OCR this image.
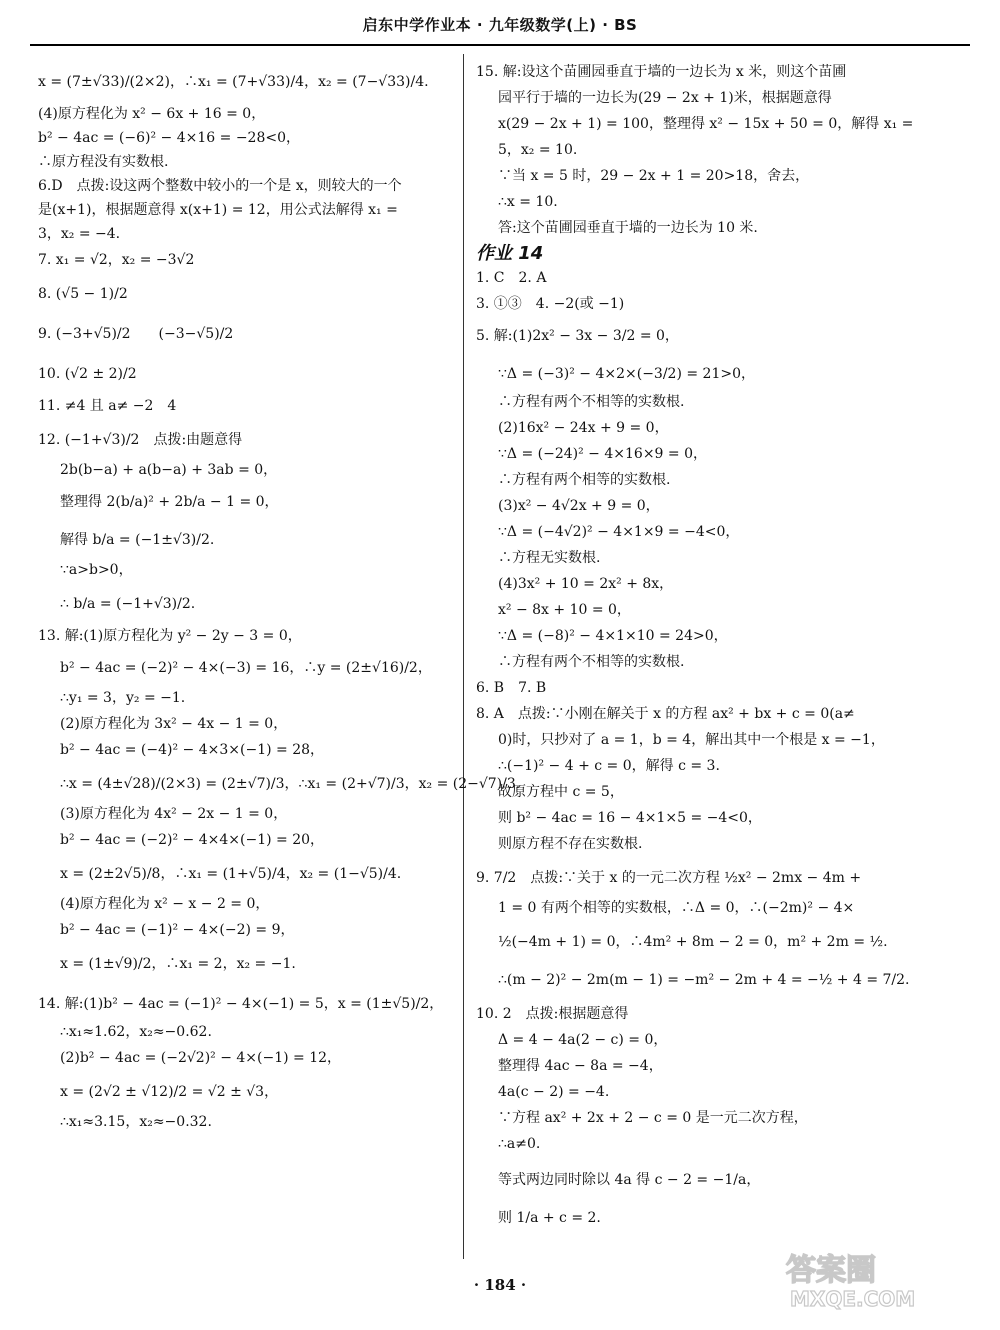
启东中学作业本 · 九年级数学(上) · BS
x = (7±√33)/(2×2)，∴x₁ = (7+√33)/4，x₂ = (7−√33)/4.
(4)原方程化为 x² − 6x + 16 = 0，
b² − 4ac = (−6)² − 4×16 = −28<0，
∴原方程没有实数根.
6.D　点拨:设这两个整数中较小的一个是 x，则较大的一个
是(x+1)，根据题意得 x(x+1) = 12，用公式法解得 x₁ =
3，x₂ = −4.
7. x₁ = √2，x₂ = −3√2
8. (√5 − 1)/2
9. (−3+√5)/2　　(−3−√5)/2
10. (√2 ± 2)/2
11. ≠4 且 a≠ −2　4
12. (−1+√3)/2　点拨:由题意得
2b(b−a) + a(b−a) + 3ab = 0，
整理得 2(b/a)² + 2b/a − 1 = 0，
解得 b/a = (−1±√3)/2.
∵a>b>0，
∴ b/a = (−1+√3)/2.
13. 解:(1)原方程化为 y² − 2y − 3 = 0，
b² − 4ac = (−2)² − 4×(−3) = 16，∴y = (2±√16)/2，
∴y₁ = 3，y₂ = −1.
(2)原方程化为 3x² − 4x − 1 = 0，
b² − 4ac = (−4)² − 4×3×(−1) = 28，
∴x = (4±√28)/(2×3) = (2±√7)/3，∴x₁ = (2+√7)/3，x₂ = (2−√7)/3.
(3)原方程化为 4x² − 2x − 1 = 0，
b² − 4ac = (−2)² − 4×4×(−1) = 20，
x = (2±2√5)/8，∴x₁ = (1+√5)/4，x₂ = (1−√5)/4.
(4)原方程化为 x² − x − 2 = 0，
b² − 4ac = (−1)² − 4×(−2) = 9，
x = (1±√9)/2，∴x₁ = 2，x₂ = −1.
14. 解:(1)b² − 4ac = (−1)² − 4×(−1) = 5，x = (1±√5)/2，
∴x₁≈1.62，x₂≈−0.62.
(2)b² − 4ac = (−2√2)² − 4×(−1) = 12，
x = (2√2 ± √12)/2 = √2 ± √3，
∴x₁≈3.15，x₂≈−0.32.
15. 解:设这个苗圃园垂直于墙的一边长为 x 米，则这个苗圃
园平行于墙的一边长为(29 − 2x + 1)米，根据题意得
x(29 − 2x + 1) = 100，整理得 x² − 15x + 50 = 0，解得 x₁ =
5，x₂ = 10.
∵当 x = 5 时，29 − 2x + 1 = 20>18，舍去，
∴x = 10.
答:这个苗圃园垂直于墙的一边长为 10 米.
作业 14
1. C　2. A
3. ①③　4. −2(或 −1)
5. 解:(1)2x² − 3x − 3/2 = 0，
∵Δ = (−3)² − 4×2×(−3/2) = 21>0，
∴方程有两个不相等的实数根.
(2)16x² − 24x + 9 = 0，
∵Δ = (−24)² − 4×16×9 = 0，
∴方程有两个相等的实数根.
(3)x² − 4√2x + 9 = 0，
∵Δ = (−4√2)² − 4×1×9 = −4<0，
∴方程无实数根.
(4)3x² + 10 = 2x² + 8x，
x² − 8x + 10 = 0，
∵Δ = (−8)² − 4×1×10 = 24>0，
∴方程有两个不相等的实数根.
6. B　7. B
8. A　点拨:∵小刚在解关于 x 的方程 ax² + bx + c = 0(a≠
0)时，只抄对了 a = 1，b = 4，解出其中一个根是 x = −1，
∴(−1)² − 4 + c = 0，解得 c = 3.
故原方程中 c = 5，
则 b² − 4ac = 16 − 4×1×5 = −4<0，
则原方程不存在实数根.
9. 7/2　点拨:∵关于 x 的一元二次方程 ½x² − 2mx − 4m +
1 = 0 有两个相等的实数根，∴Δ = 0，∴(−2m)² − 4×
½(−4m + 1) = 0，∴4m² + 8m − 2 = 0，m² + 2m = ½.
∴(m − 2)² − 2m(m − 1) = −m² − 2m + 4 = −½ + 4 = 7/2.
10. 2　点拨:根据题意得
Δ = 4 − 4a(2 − c) = 0，
整理得 4ac − 8a = −4，
4a(c − 2) = −4.
∵方程 ax² + 2x + 2 − c = 0 是一元二次方程，
∴a≠0.
等式两边同时除以 4a 得 c − 2 = −1/a，
则 1/a + c = 2.
· 184 ·	答案圈
MXQE.COM
